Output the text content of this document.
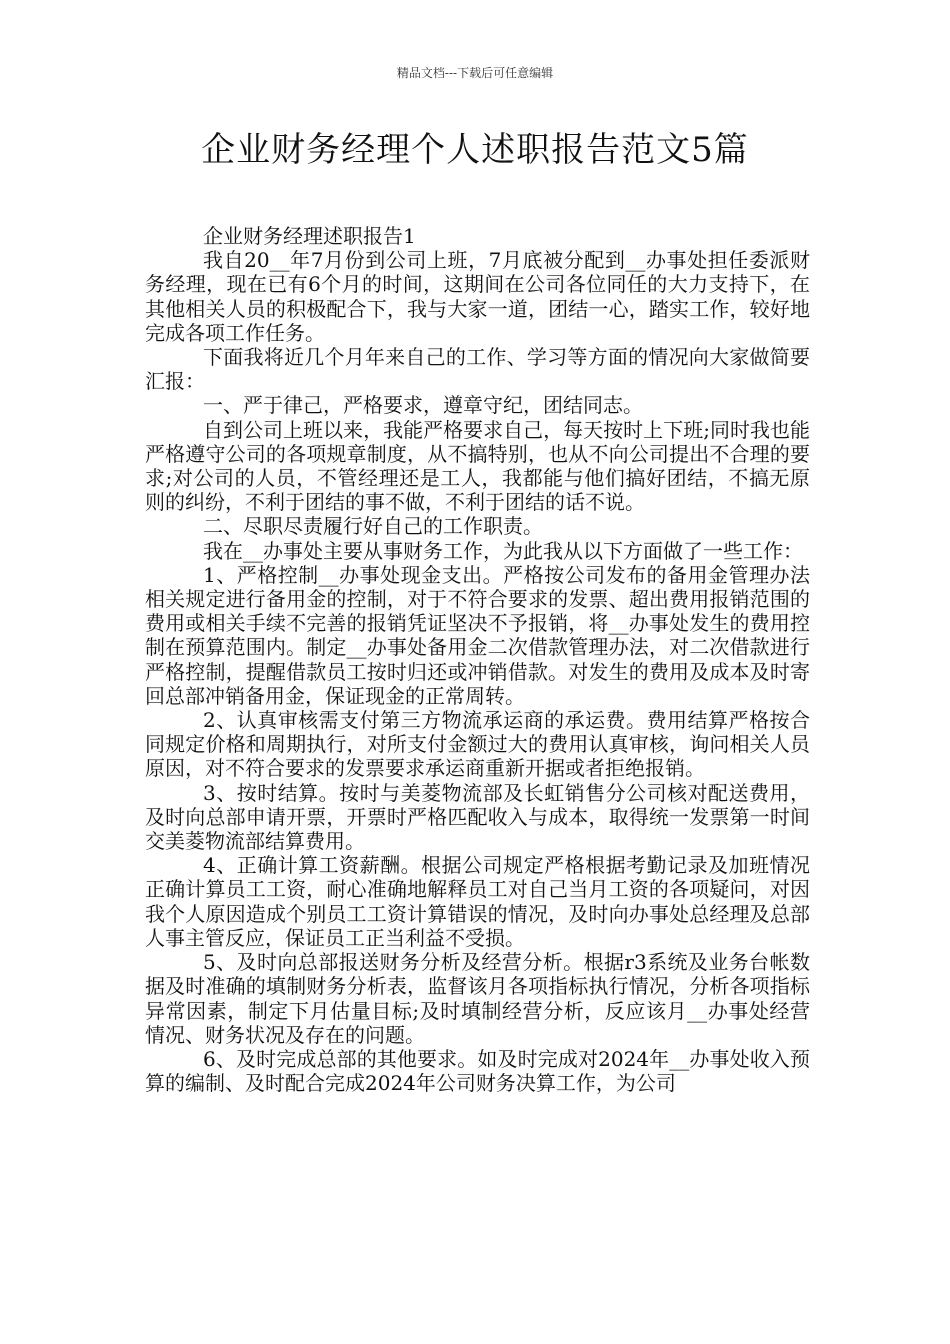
精品文档---下载后可任意编辑
企业财务经理个人述职报告范文5篇

企业财务经理述职报告1

我自20__年7月份到公司上班，7月底被分配到__办事处担任委派财务经理，现在已有6个月的时间，这期间在公司各位同任的大力支持下，在其他相关人员的积极配合下，我与大家一道，团结一心，踏实工作，较好地完成各项工作任务。

下面我将近几个月年来自己的工作、学习等方面的情况向大家做简要汇报：

一、严于律己，严格要求，遵章守纪，团结同志。

自到公司上班以来，我能严格要求自己，每天按时上下班;同时我也能严格遵守公司的各项规章制度，从不搞特别，也从不向公司提出不合理的要求;对公司的人员，不管经理还是工人，我都能与他们搞好团结，不搞无原则的纠纷，不利于团结的事不做，不利于团结的话不说。

二、尽职尽责履行好自己的工作职责。

我在__办事处主要从事财务工作，为此我从以下方面做了一些工作：

1、严格控制__办事处现金支出。严格按公司发布的备用金管理办法相关规定进行备用金的控制，对于不符合要求的发票、超出费用报销范围的费用或相关手续不完善的报销凭证坚决不予报销，将__办事处发生的费用控制在预算范围内。制定__办事处备用金二次借款管理办法，对二次借款进行严格控制，提醒借款员工按时归还或冲销借款。对发生的费用及成本及时寄回总部冲销备用金，保证现金的正常周转。

2、认真审核需支付第三方物流承运商的承运费。费用结算严格按合同规定价格和周期执行，对所支付金额过大的费用认真审核，询问相关人员原因，对不符合要求的发票要求承运商重新开据或者拒绝报销。

3、按时结算。按时与美菱物流部及长虹销售分公司核对配送费用，及时向总部申请开票，开票时严格匹配收入与成本，取得统一发票第一时间交美菱物流部结算费用。

4、正确计算工资薪酬。根据公司规定严格根据考勤记录及加班情况正确计算员工工资，耐心准确地解释员工对自己当月工资的各项疑问，对因我个人原因造成个别员工工资计算错误的情况，及时向办事处总经理及总部人事主管反应，保证员工正当利益不受损。

5、及时向总部报送财务分析及经营分析。根据r3系统及业务台帐数据及时准确的填制财务分析表，监督该月各项指标执行情况，分析各项指标异常因素，制定下月估量目标;及时填制经营分析，反应该月__办事处经营情况、财务状况及存在的问题。

6、及时完成总部的其他要求。如及时完成对2024年__办事处收入预算的编制、及时配合完成2024年公司财务决算工作，为公司
